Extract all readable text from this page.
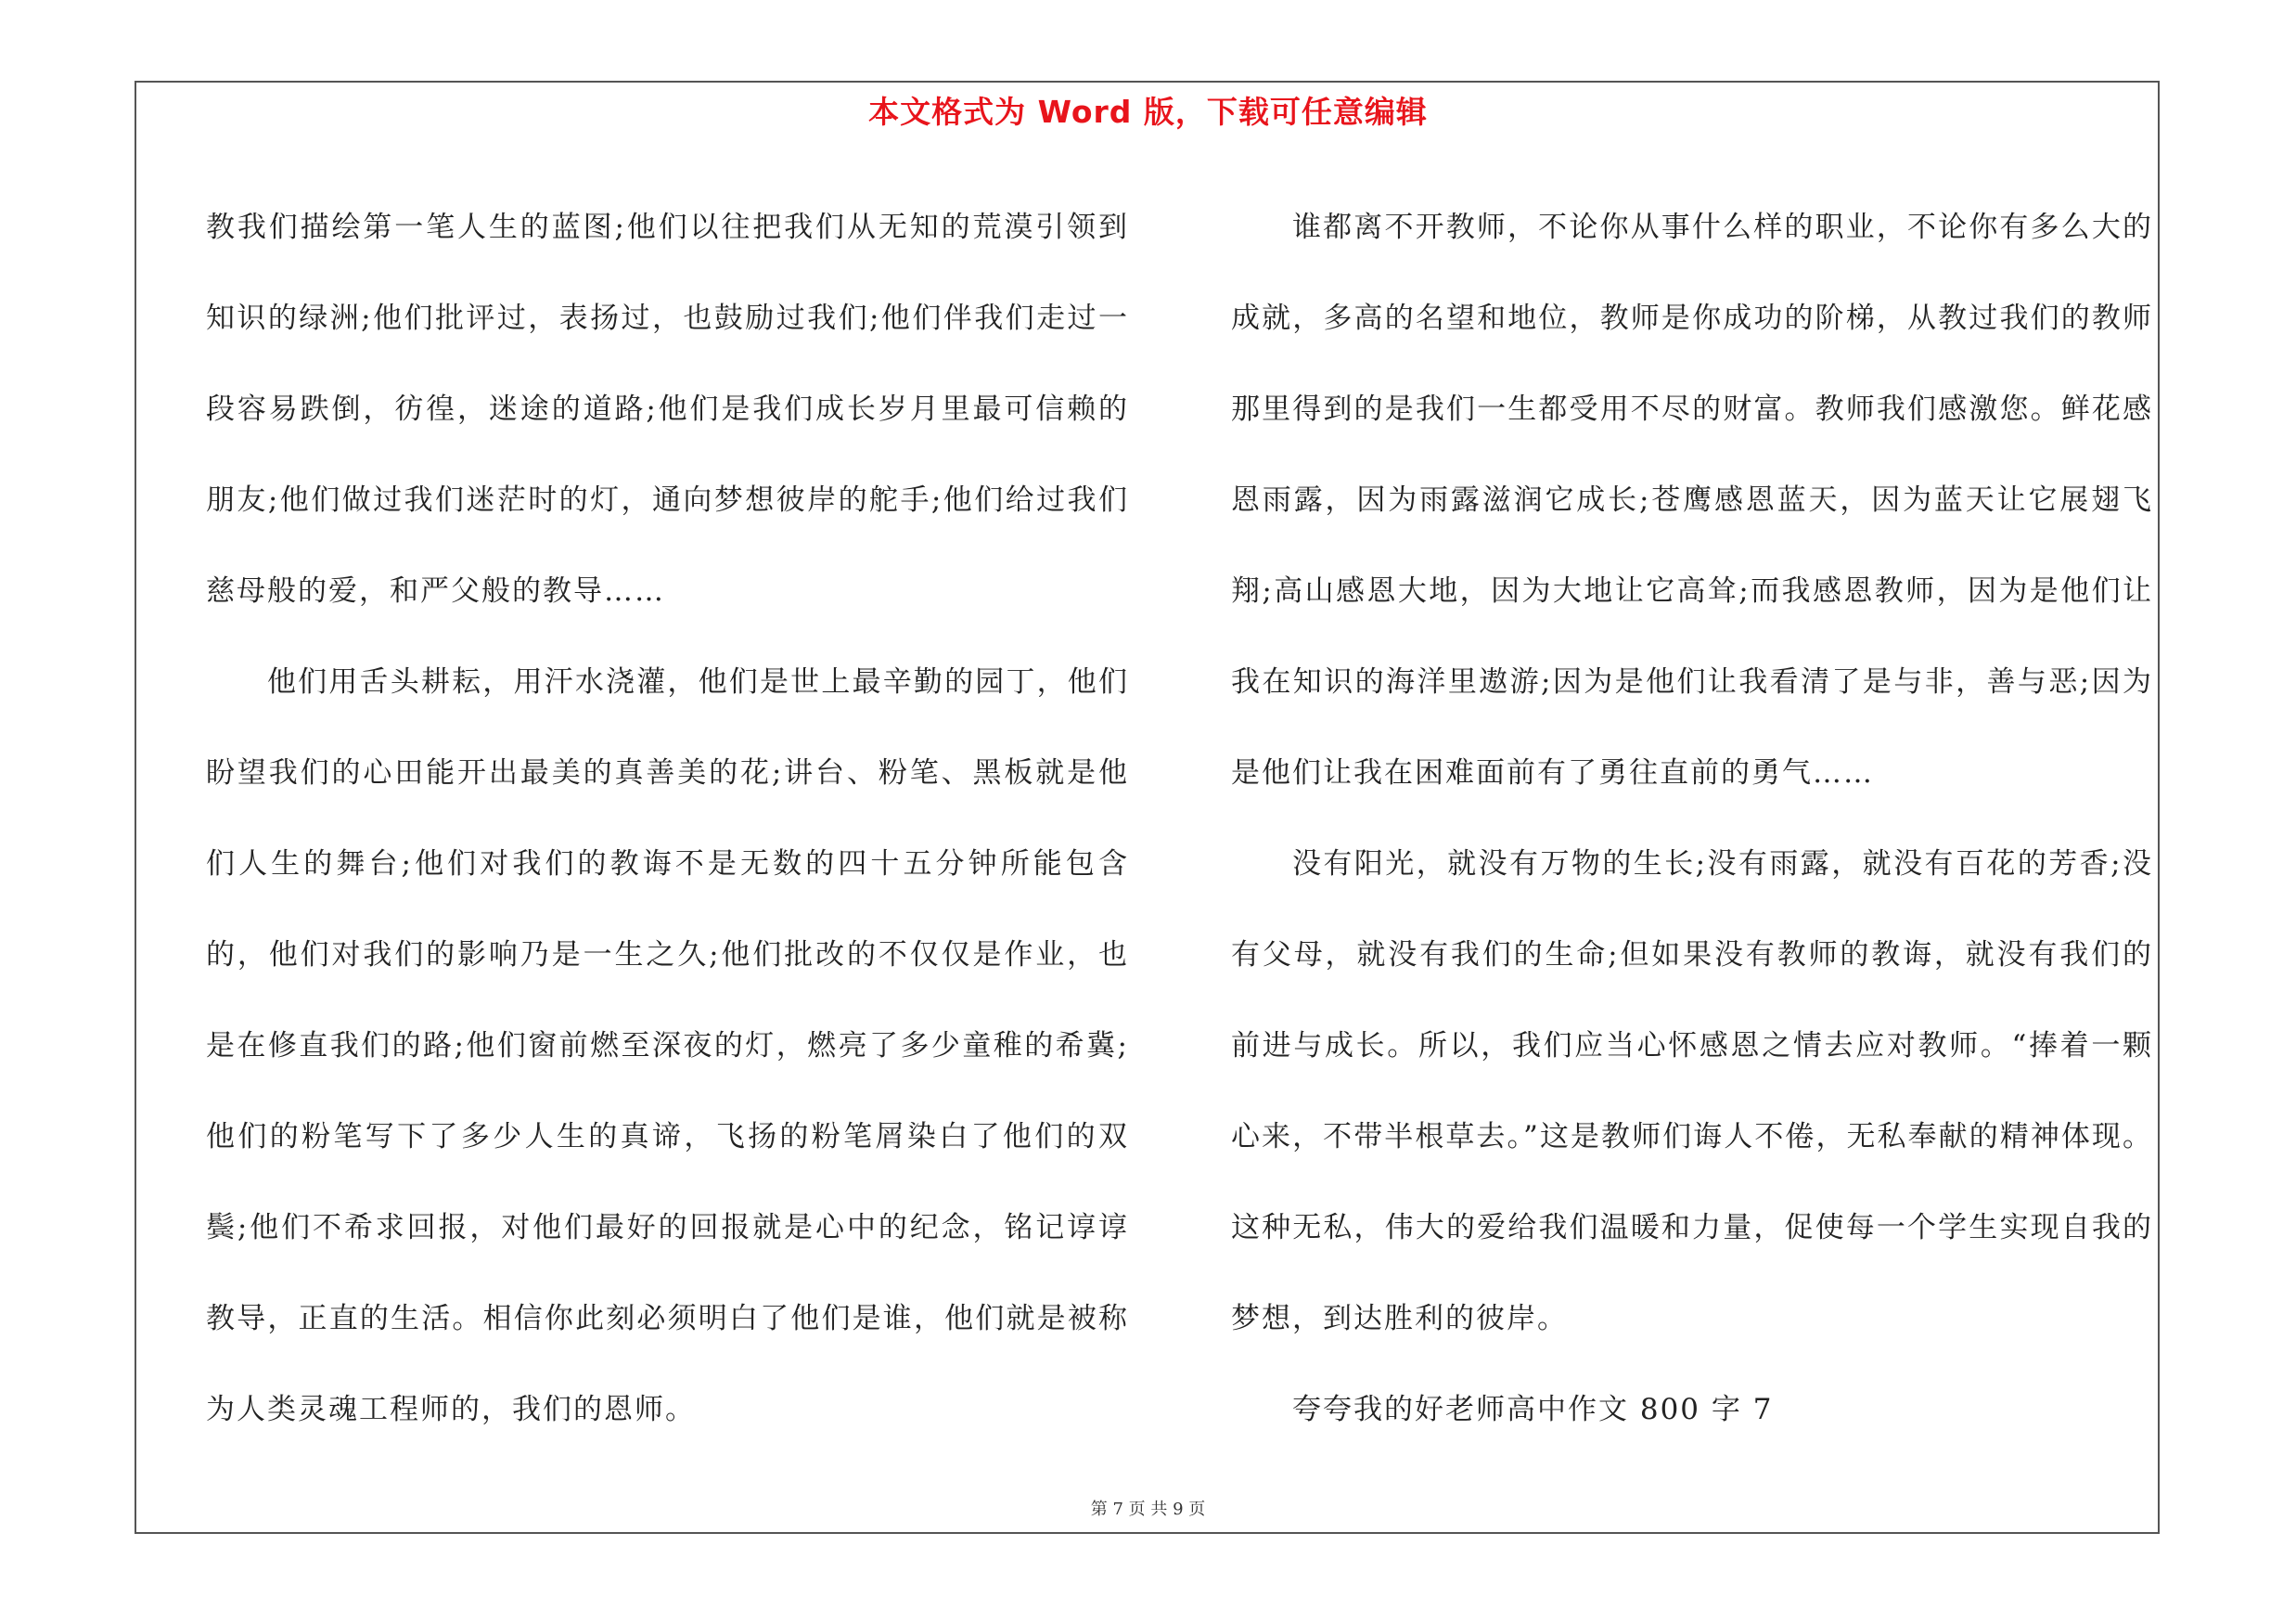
本文格式为 Word 版，下载可任意编辑

教我们描绘第一笔人生的蓝图;他们以往把我们从无知的荒漠引领到知识的绿洲;他们批评过，表扬过，也鼓励过我们;他们伴我们走过一段容易跌倒，彷徨，迷途的道路;他们是我们成长岁月里最可信赖的朋友;他们做过我们迷茫时的灯，通向梦想彼岸的舵手;他们给过我们慈母般的爱，和严父般的教导……

他们用舌头耕耘，用汗水浇灌，他们是世上最辛勤的园丁，他们盼望我们的心田能开出最美的真善美的花;讲台、粉笔、黑板就是他们人生的舞台;他们对我们的教诲不是无数的四十五分钟所能包含的，他们对我们的影响乃是一生之久;他们批改的不仅仅是作业，也是在修直我们的路;他们窗前燃至深夜的灯，燃亮了多少童稚的希冀;他们的粉笔写下了多少人生的真谛，飞扬的粉笔屑染白了他们的双鬓;他们不希求回报，对他们最好的回报就是心中的纪念，铭记谆谆教导，正直的生活。相信你此刻必须明白了他们是谁，他们就是被称为人类灵魂工程师的，我们的恩师。

谁都离不开教师，不论你从事什么样的职业，不论你有多么大的成就，多高的名望和地位，教师是你成功的阶梯，从教过我们的教师那里得到的是我们一生都受用不尽的财富。教师我们感激您。鲜花感恩雨露，因为雨露滋润它成长;苍鹰感恩蓝天，因为蓝天让它展翅飞翔;高山感恩大地，因为大地让它高耸;而我感恩教师，因为是他们让我在知识的海洋里遨游;因为是他们让我看清了是与非，善与恶;因为是他们让我在困难面前有了勇往直前的勇气……

没有阳光，就没有万物的生长;没有雨露，就没有百花的芳香;没有父母，就没有我们的生命;但如果没有教师的教诲，就没有我们的前进与成长。所以，我们应当心怀感恩之情去应对教师。“捧着一颗心来，不带半根草去。”这是教师们诲人不倦，无私奉献的精神体现。这种无私，伟大的爱给我们温暖和力量，促使每一个学生实现自我的梦想，到达胜利的彼岸。

夸夸我的好老师高中作文 800 字 7

第 7 页 共 9 页
